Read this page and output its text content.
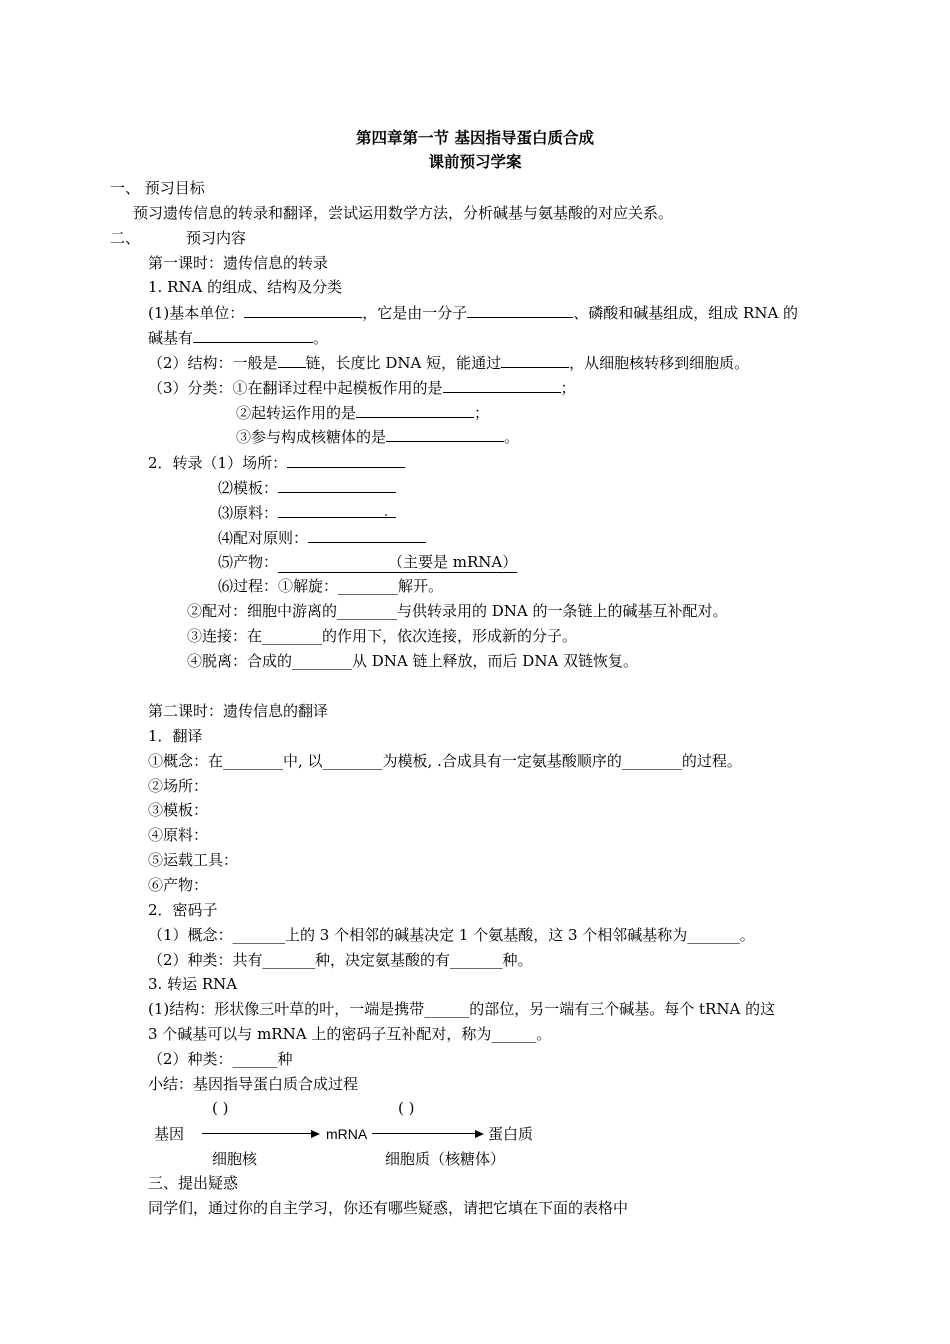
第四章第一节 基因指导蛋白质合成
课前预习学案
一、 预习目标
预习遗传信息的转录和翻译，尝试运用数学方法，分析碱基与氨基酸的对应关系。
二、	预习内容
第一课时：遗传信息的转录
1. RNA 的组成、结构及分类
(1)基本单位：	，它是由一分子	、磷酸和碱基组成，组成 RNA 的
碱基有	。
（2）结构：一般是 链，长度比 DNA 短，能通过	，从细胞核转移到细胞质。
（3）分类：①在翻译过程中起模板作用的是	；
②起转运作用的是	；
③参与构成核糖体的是	。
2．转录（1）场所：
⑵模板：
⑶原料：
⑷配对原则：
⑸产物：	（主要是 mRNA）
⑹过程：①解旋：________解开。
②配对：细胞中游离的________与供转录用的 DNA 的一条链上的碱基互补配对。
③连接：在________的作用下，依次连接，形成新的分子。
④脱离：合成的________从 DNA 链上释放，而后 DNA 双链恢复。
第二课时：遗传信息的翻译
1．翻译
①概念：在________中, 以________为模板, .合成具有一定氨基酸顺序的________的过程。
②场所：
③模板：
④原料：
⑤运载工具：
⑥产物：
2．密码子
（1）概念：_______上的 3 个相邻的碱基决定 1 个氨基酸，这 3 个相邻碱基称为_______。
（2）种类：共有_______种，决定氨基酸的有_______种。
3. 转运 RNA
(1)结构：形状像三叶草的叶，一端是携带______的部位，另一端有三个碱基。每个 tRNA 的这
3 个碱基可以与 mRNA 上的密码子互补配对，称为______。
（2）种类：______种
小结：基因指导蛋白质合成过程
( )	( )
基因	mRNA	蛋白质
细胞核	细胞质（核糖体）
三、提出疑惑
同学们，通过你的自主学习，你还有哪些疑惑，请把它填在下面的表格中
